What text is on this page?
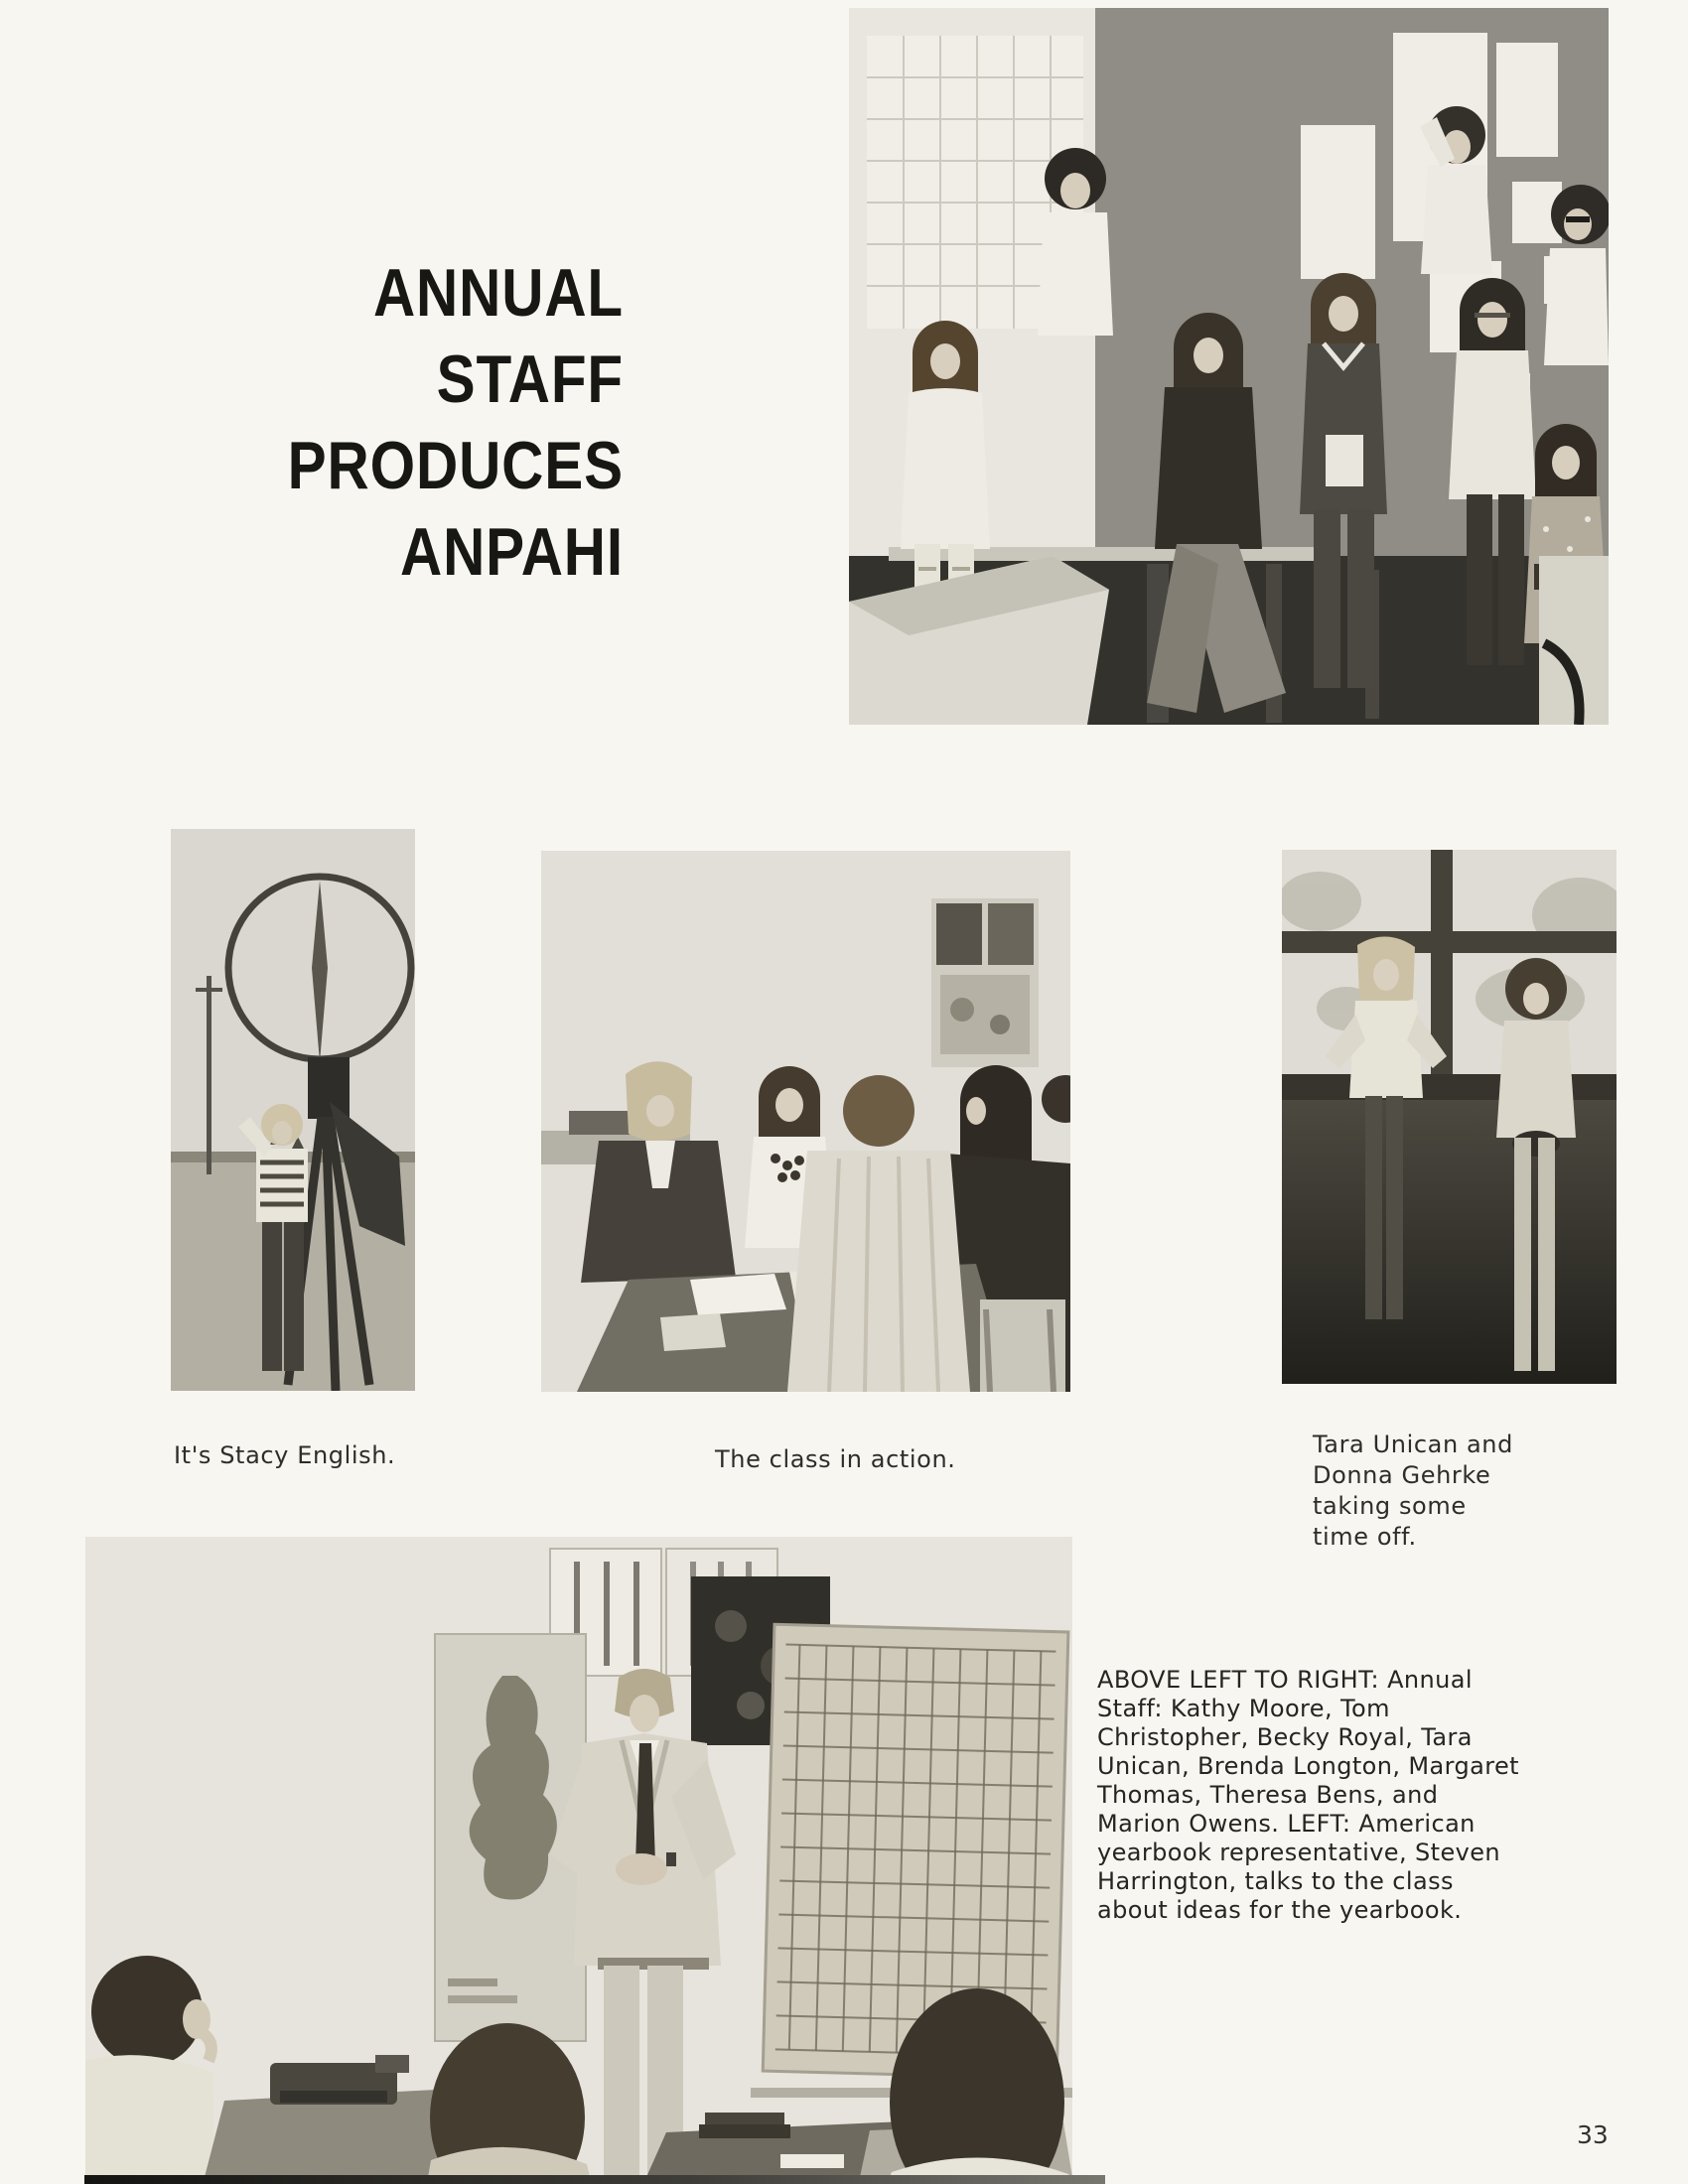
ANNUAL
STAFF
PRODUCES
ANPAHI
It's Stacy English.	The class in action.
Tara Unican and Donna Gehrke taking some time off.

ABOVE LEFT TO RIGHT: Annual Staff: Kathy Moore, Tom Christopher, Becky Royal, Tara Unican, Brenda Longton, Margaret Thomas, Theresa Bens, and Marion Owens. LEFT: American yearbook representative, Steven Harrington, talks to the class about ideas for the yearbook.

33
